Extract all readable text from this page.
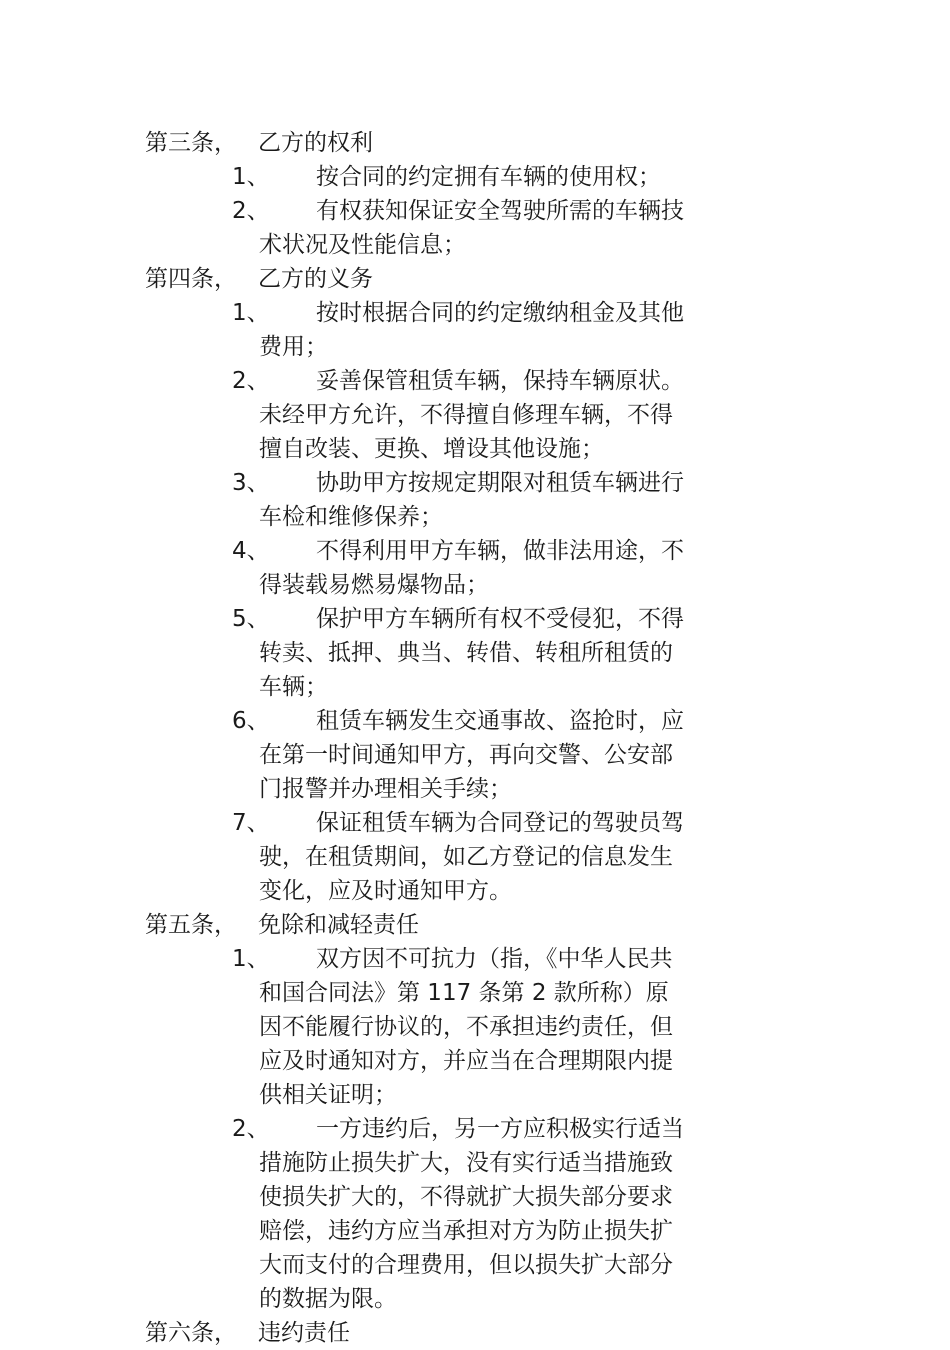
第三条， 乙方的权利
1、	按合同的约定拥有车辆的使用权；
2、	有权获知保证安全驾驶所需的车辆技术状况及性能信息；
第四条， 乙方的义务
1、	按时根据合同的约定缴纳租金及其他费用；
2、	妥善保管租赁车辆，保持车辆原状。未经甲方允许，不得擅自修理车辆，不得擅自改装、更换、增设其他设施；
3、	协助甲方按规定期限对租赁车辆进行车检和维修保养；
4、	不得利用甲方车辆，做非法用途，不得装载易燃易爆物品；
5、	保护甲方车辆所有权不受侵犯，不得转卖、抵押、典当、转借、转租所租赁的车辆；
6、	租赁车辆发生交通事故、盗抢时，应在第一时间通知甲方，再向交警、公安部门报警并办理相关手续；
7、	保证租赁车辆为合同登记的驾驶员驾驶，在租赁期间，如乙方登记的信息发生变化，应及时通知甲方。
第五条， 免除和减轻责任
1、	双方因不可抗力（指，《中华人民共和国合同法》第 117 条第 2 款所称）原因不能履行协议的，不承担违约责任，但应及时通知对方，并应当在合理期限内提供相关证明；
2、	一方违约后，另一方应积极实行适当措施防止损失扩大，没有实行适当措施致使损失扩大的，不得就扩大损失部分要求赔偿，违约方应当承担对方为防止损失扩大而支付的合理费用，但以损失扩大部分的数据为限。
第六条， 违约责任
